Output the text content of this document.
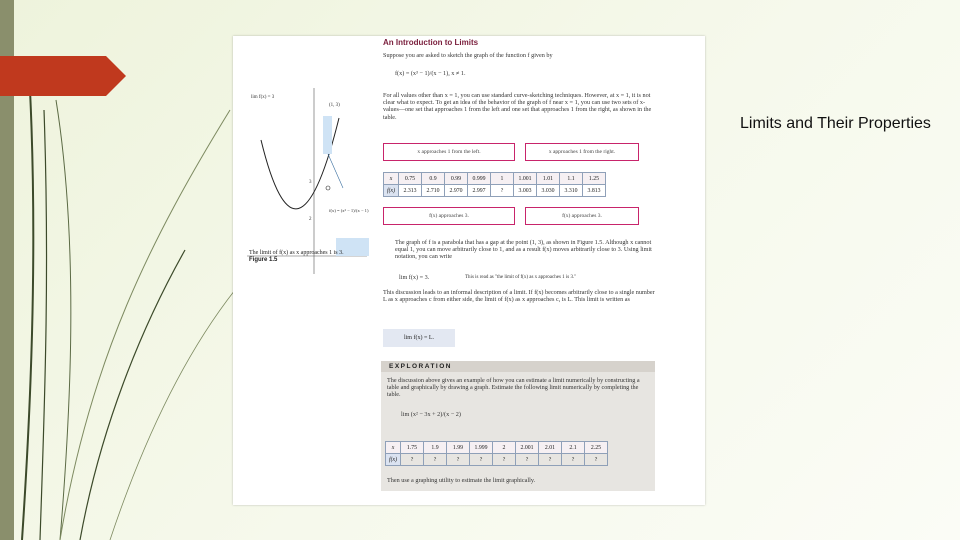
Limits and Their Properties
An Introduction to Limits
Suppose you are asked to sketch the graph of the function f given by
f(x) = (x³ − 1)/(x − 1), x ≠ 1.
For all values other than x = 1, you can use standard curve-sketching techniques. However, at x = 1, it is not clear what to expect. To get an idea of the behavior of the graph of f near x = 1, you can use two sets of x-values—one set that approaches 1 from the left and one set that approaches 1 from the right, as shown in the table.
3
2
lim f(x) = 3
(1, 3)
f(x) = (x³ − 1)/(x − 1)
The limit of f(x) as x approaches 1 is 3.
Figure 1.5
x approaches 1 from the left.	x approaches 1 from the right.
x	0.75	0.9	0.99	0.999	1	1.001	1.01	1.1	1.25
f(x)	2.313	2.710	2.970	2.997	?	3.003	3.030	3.310	3.813
f(x) approaches 3.	f(x) approaches 3.
The graph of f is a parabola that has a gap at the point (1, 3), as shown in Figure 1.5. Although x cannot equal 1, you can move arbitrarily close to 1, and as a result f(x) moves arbitrarily close to 3. Using limit notation, you can write
lim f(x) = 3.	This is read as "the limit of f(x) as x approaches 1 is 3."
This discussion leads to an informal description of a limit. If f(x) becomes arbitrarily close to a single number L as x approaches c from either side, the limit of f(x) as x approaches c, is L. This limit is written as
lim f(x) = L.
EXPLORATION
The discussion above gives an example of how you can estimate a limit numerically by constructing a table and graphically by drawing a graph. Estimate the following limit numerically by completing the table.
lim (x² − 3x + 2)/(x − 2)
x	1.75	1.9	1.99	1.999	2	2.001	2.01	2.1	2.25
f(x)	?	?	?	?	?	?	?	?	?
Then use a graphing utility to estimate the limit graphically.
